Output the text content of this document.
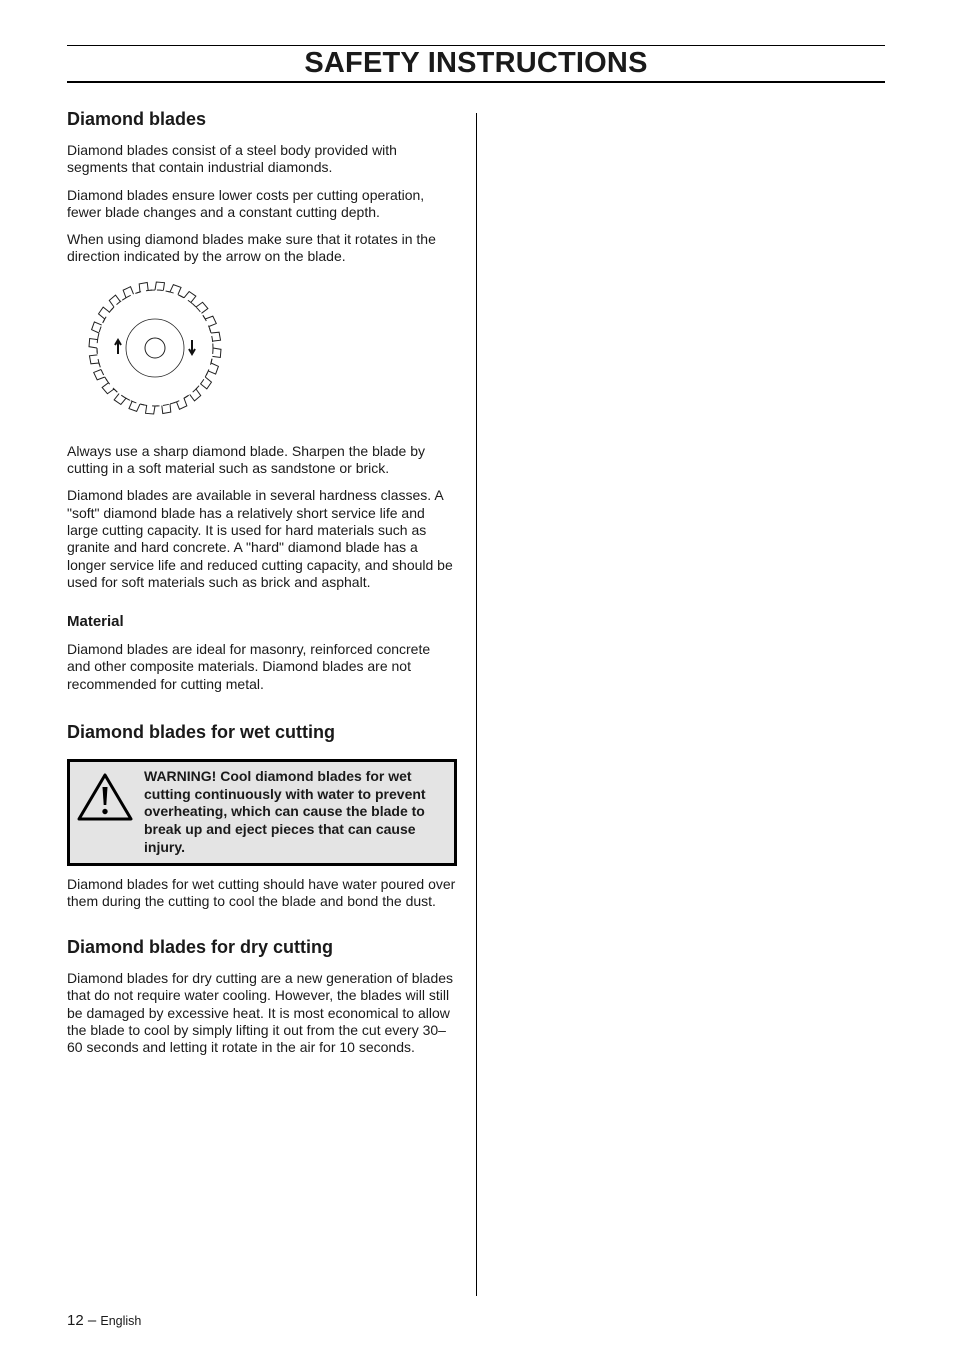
SAFETY INSTRUCTIONS
Diamond blades

Diamond blades consist of a steel body provided with segments that contain industrial diamonds.

Diamond blades ensure lower costs per cutting operation, fewer blade changes and a constant cutting depth.

When using diamond blades make sure that it rotates in the direction indicated by the arrow on the blade.

Always use a sharp diamond blade. Sharpen the blade by cutting in a soft material such as sandstone or brick.

Diamond blades are available in several hardness classes. A "soft" diamond blade has a relatively short service life and large cutting capacity. It is used for hard materials such as granite and hard concrete. A "hard" diamond blade has a longer service life and reduced cutting capacity, and should be used for soft materials such as brick and asphalt.

Material

Diamond blades are ideal for masonry, reinforced concrete and other composite materials. Diamond blades are not recommended for cutting metal.

Diamond blades for wet cutting
WARNING! Cool diamond blades for wet cutting continuously with water to prevent overheating, which can cause the blade to break up and eject pieces that can cause injury.

Diamond blades for wet cutting should have water poured over them during the cutting to cool the blade and bond the dust.

Diamond blades for dry cutting

Diamond blades for dry cutting are a new generation of blades that do not require water cooling. However, the blades will still be damaged by excessive heat. It is most economical to allow the blade to cool by simply lifting it out from the cut every 30–60 seconds and letting it rotate in the air for 10 seconds.

12 – English
